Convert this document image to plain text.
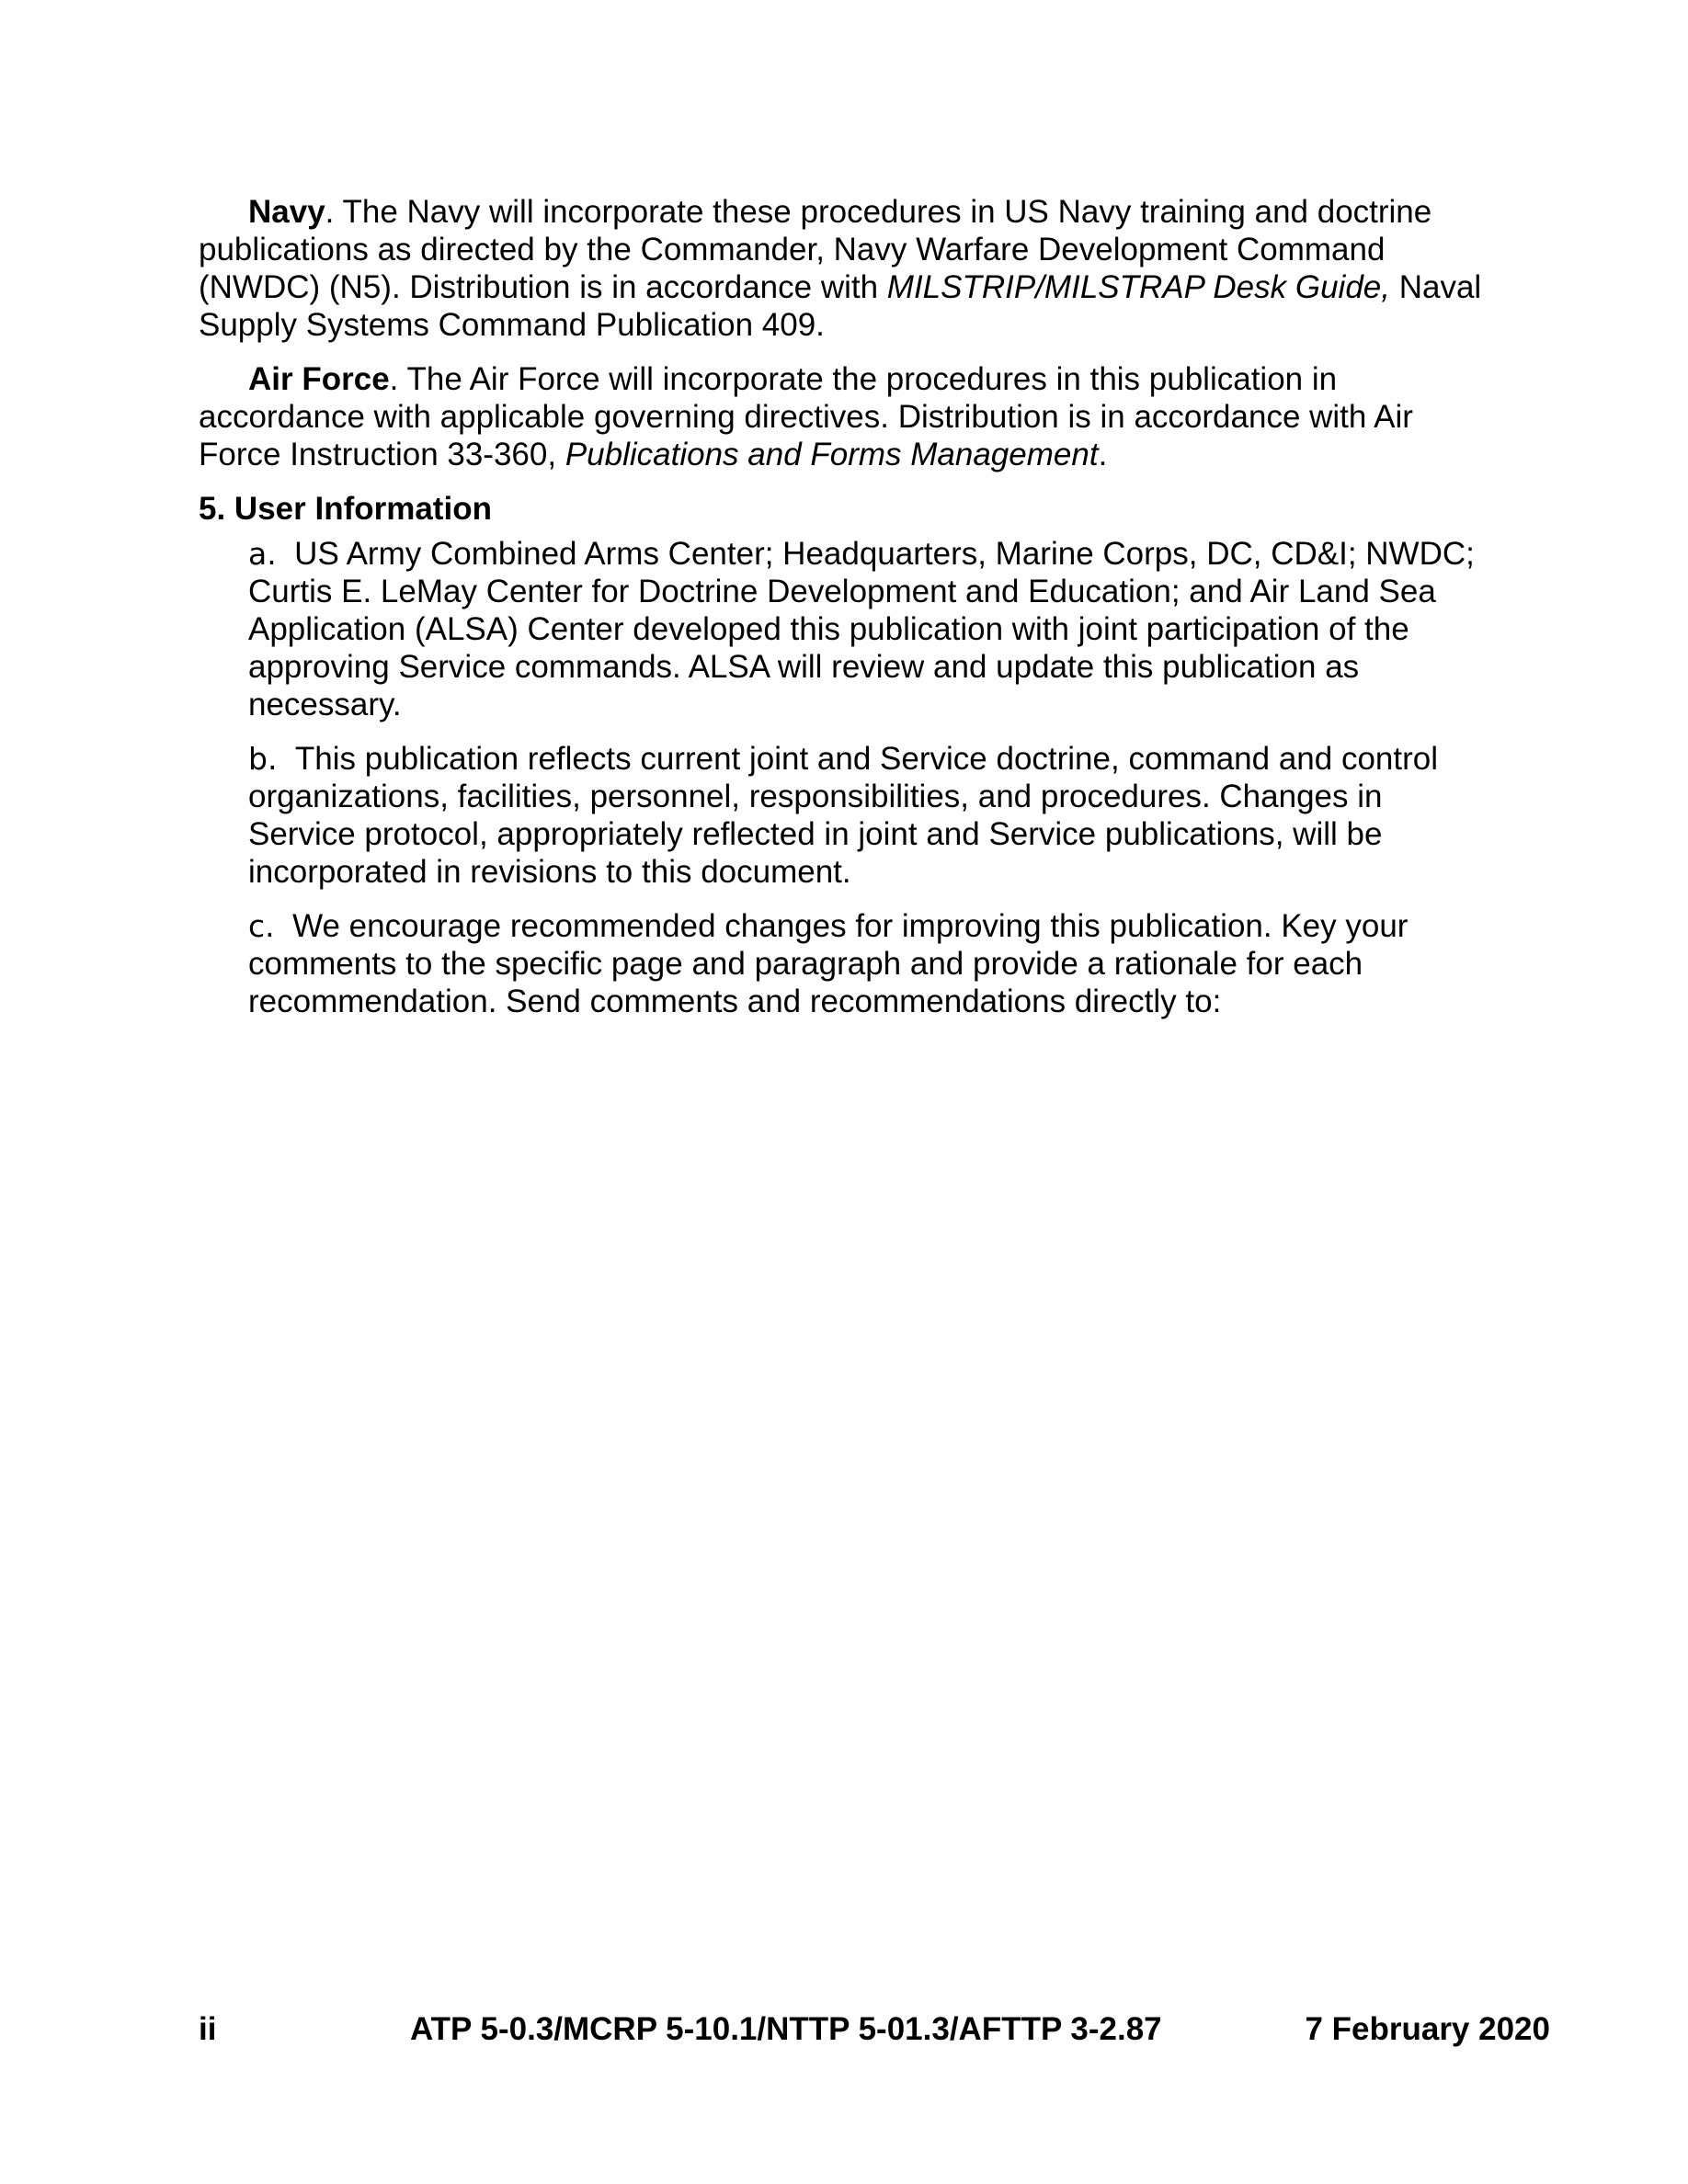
Navy. The Navy will incorporate these procedures in US Navy training and doctrine publications as directed by the Commander, Navy Warfare Development Command (NWDC) (N5). Distribution is in accordance with MILSTRIP/MILSTRAP Desk Guide, Naval Supply Systems Command Publication 409.

Air Force. The Air Force will incorporate the procedures in this publication in accordance with applicable governing directives. Distribution is in accordance with Air Force Instruction 33-360, Publications and Forms Management.

5. User Information

a. US Army Combined Arms Center; Headquarters, Marine Corps, DC, CD&I; NWDC; Curtis E. LeMay Center for Doctrine Development and Education; and Air Land Sea Application (ALSA) Center developed this publication with joint participation of the approving Service commands. ALSA will review and update this publication as necessary.

b. This publication reflects current joint and Service doctrine, command and control organizations, facilities, personnel, responsibilities, and procedures. Changes in Service protocol, appropriately reflected in joint and Service publications, will be incorporated in revisions to this document.

c. We encourage recommended changes for improving this publication. Key your comments to the specific page and paragraph and provide a rationale for each recommendation. Send comments and recommendations directly to:

ii	ATP 5-0.3/MCRP 5-10.1/NTTP 5-01.3/AFTTP 3-2.87	7 February 2020
